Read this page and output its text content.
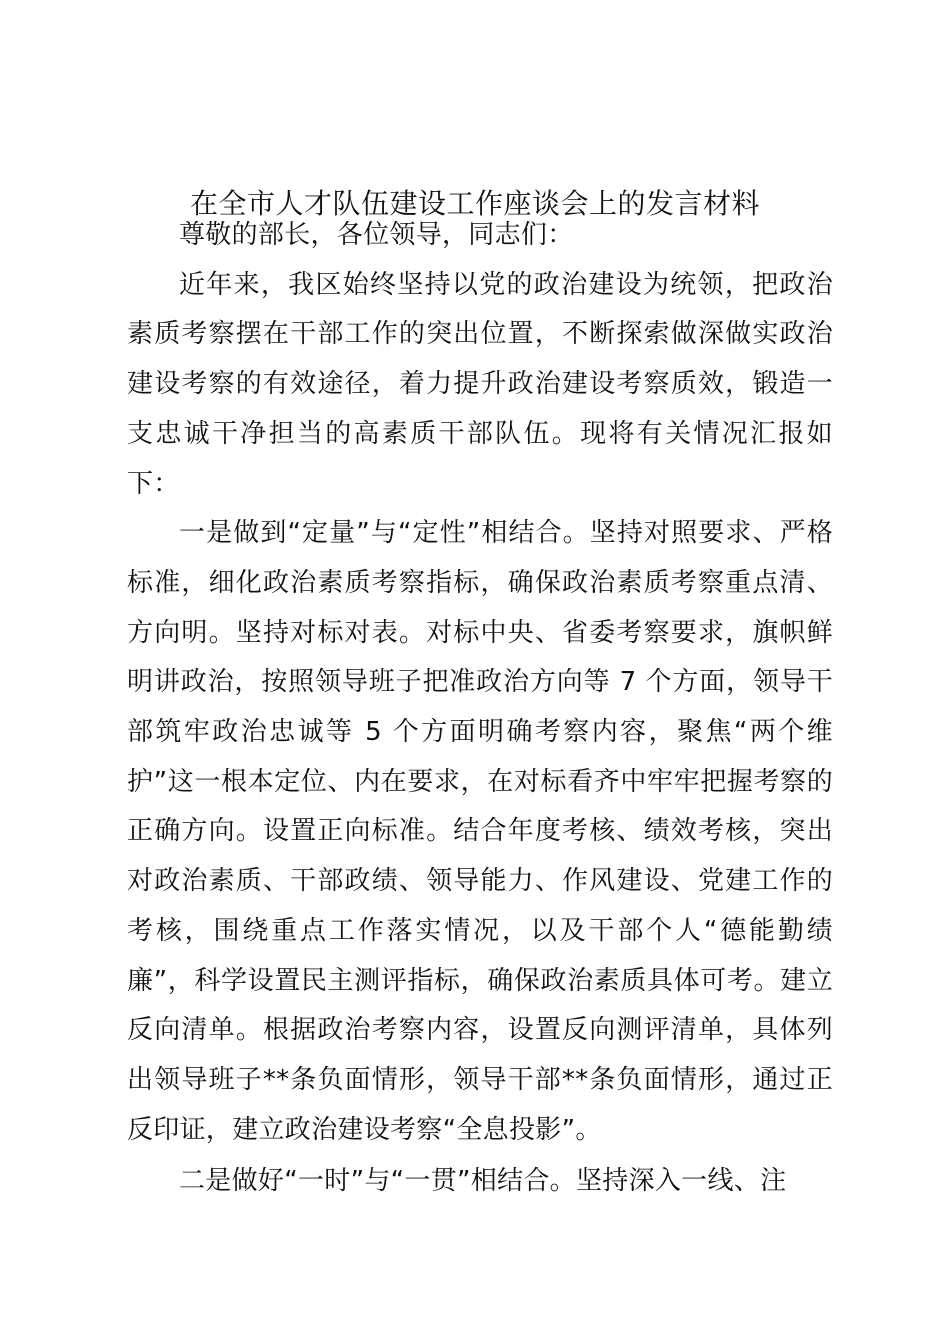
在全市人才队伍建设工作座谈会上的发言材料

尊敬的部长，各位领导，同志们：

近年来，我区始终坚持以党的政治建设为统领，把政治素质考察摆在干部工作的突出位置，不断探索做深做实政治建设考察的有效途径，着力提升政治建设考察质效，锻造一支忠诚干净担当的高素质干部队伍。现将有关情况汇报如下：

一是做到“定量”与“定性”相结合。坚持对照要求、严格标准，细化政治素质考察指标，确保政治素质考察重点清、方向明。坚持对标对表。对标中央、省委考察要求，旗帜鲜明讲政治，按照领导班子把准政治方向等 7 个方面，领导干部筑牢政治忠诚等 5 个方面明确考察内容，聚焦“两个维护”这一根本定位、内在要求，在对标看齐中牢牢把握考察的正确方向。设置正向标准。结合年度考核、绩效考核，突出对政治素质、干部政绩、领导能力、作风建设、党建工作的考核，围绕重点工作落实情况，以及干部个人“德能勤绩廉”，科学设置民主测评指标，确保政治素质具体可考。建立反向清单。根据政治考察内容，设置反向测评清单，具体列出领导班子**条负面情形，领导干部**条负面情形，通过正反印证，建立政治建设考察“全息投影”。

二是做好“一时”与“一贯”相结合。坚持深入一线、注
